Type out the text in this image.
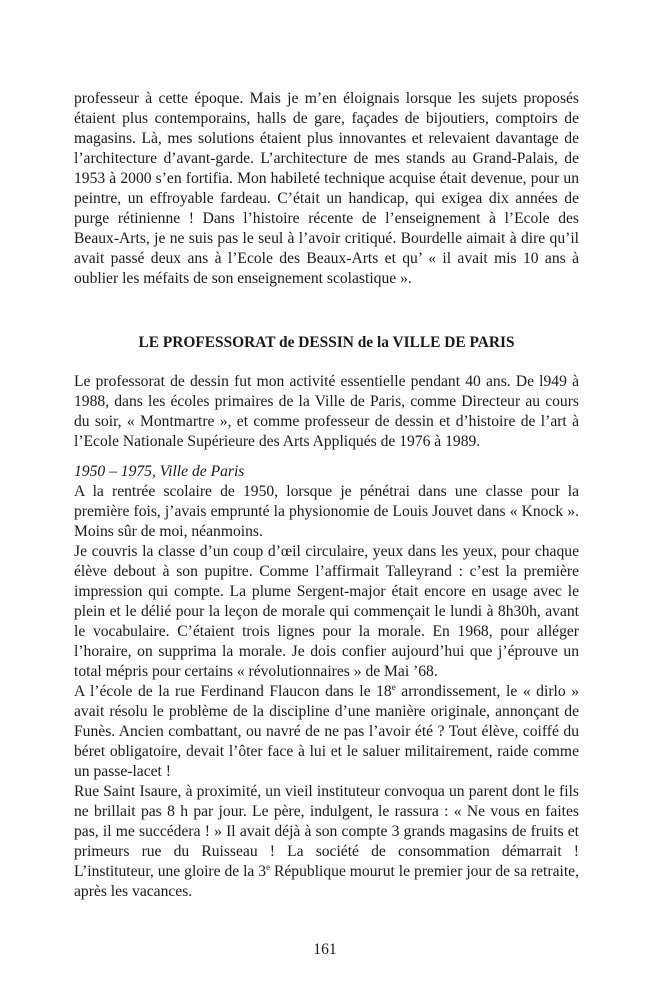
professeur à cette époque. Mais je m’en éloignais lorsque les sujets proposés étaient plus contemporains, halls de gare, façades de bijoutiers, comptoirs de magasins. Là, mes solutions étaient plus innovantes et relevaient davantage de l’architecture d’avant-garde. L’architecture de mes stands au Grand-Palais, de 1953 à 2000 s’en fortifia. Mon habileté technique acquise était devenue, pour un peintre, un effroyable fardeau. C’était un handicap, qui exigea dix années de purge rétinienne ! Dans l’histoire récente de l’enseignement à l’Ecole des Beaux-Arts, je ne suis pas le seul à l’avoir critiqué. Bourdelle aimait à dire qu’il avait passé deux ans à l’Ecole des Beaux-Arts et qu’ « il avait mis 10 ans à oublier les méfaits de son enseignement scolastique ».

LE PROFESSORAT de DESSIN de la VILLE DE PARIS

Le professorat de dessin fut mon activité essentielle pendant 40 ans. De l949 à 1988, dans les écoles primaires de la Ville de Paris, comme Directeur au cours du soir, « Montmartre », et comme professeur de dessin et d’histoire de l’art à l’Ecole Nationale Supérieure des Arts Appliqués de 1976 à 1989.

1950 – 1975, Ville de Paris

A la rentrée scolaire de 1950, lorsque je pénétrai dans une classe pour la première fois, j’avais emprunté la physionomie de Louis Jouvet dans « Knock ». Moins sûr de moi, néanmoins.

Je couvris la classe d’un coup d’œil circulaire, yeux dans les yeux, pour chaque élève debout à son pupitre. Comme l’affirmait Talleyrand : c’est la première impression qui compte. La plume Sergent-major était encore en usage avec le plein et le délié pour la leçon de morale qui commençait le lundi à 8h30h, avant le vocabulaire. C’étaient trois lignes pour la morale. En 1968, pour alléger l’horaire, on supprima la morale. Je dois confier aujourd’hui que j’éprouve un total mépris pour certains « révolutionnaires » de Mai ’68.

A l’école de la rue Ferdinand Flaucon dans le 18e arrondissement, le « dirlo » avait résolu le problème de la discipline d’une manière originale, annonçant de Funès. Ancien combattant, ou navré de ne pas l’avoir été ? Tout élève, coiffé du béret obligatoire, devait l’ôter face à lui et le saluer militairement, raide comme un passe-lacet !

Rue Saint Isaure, à proximité, un vieil instituteur convoqua un parent dont le fils ne brillait pas 8 h par jour. Le père, indulgent, le rassura : « Ne vous en faites pas, il me succédera ! » Il avait déjà à son compte 3 grands magasins de fruits et primeurs rue du Ruisseau ! La société de consommation démarrait ! L’instituteur, une gloire de la 3e République mourut le premier jour de sa retraite, après les vacances.

161
